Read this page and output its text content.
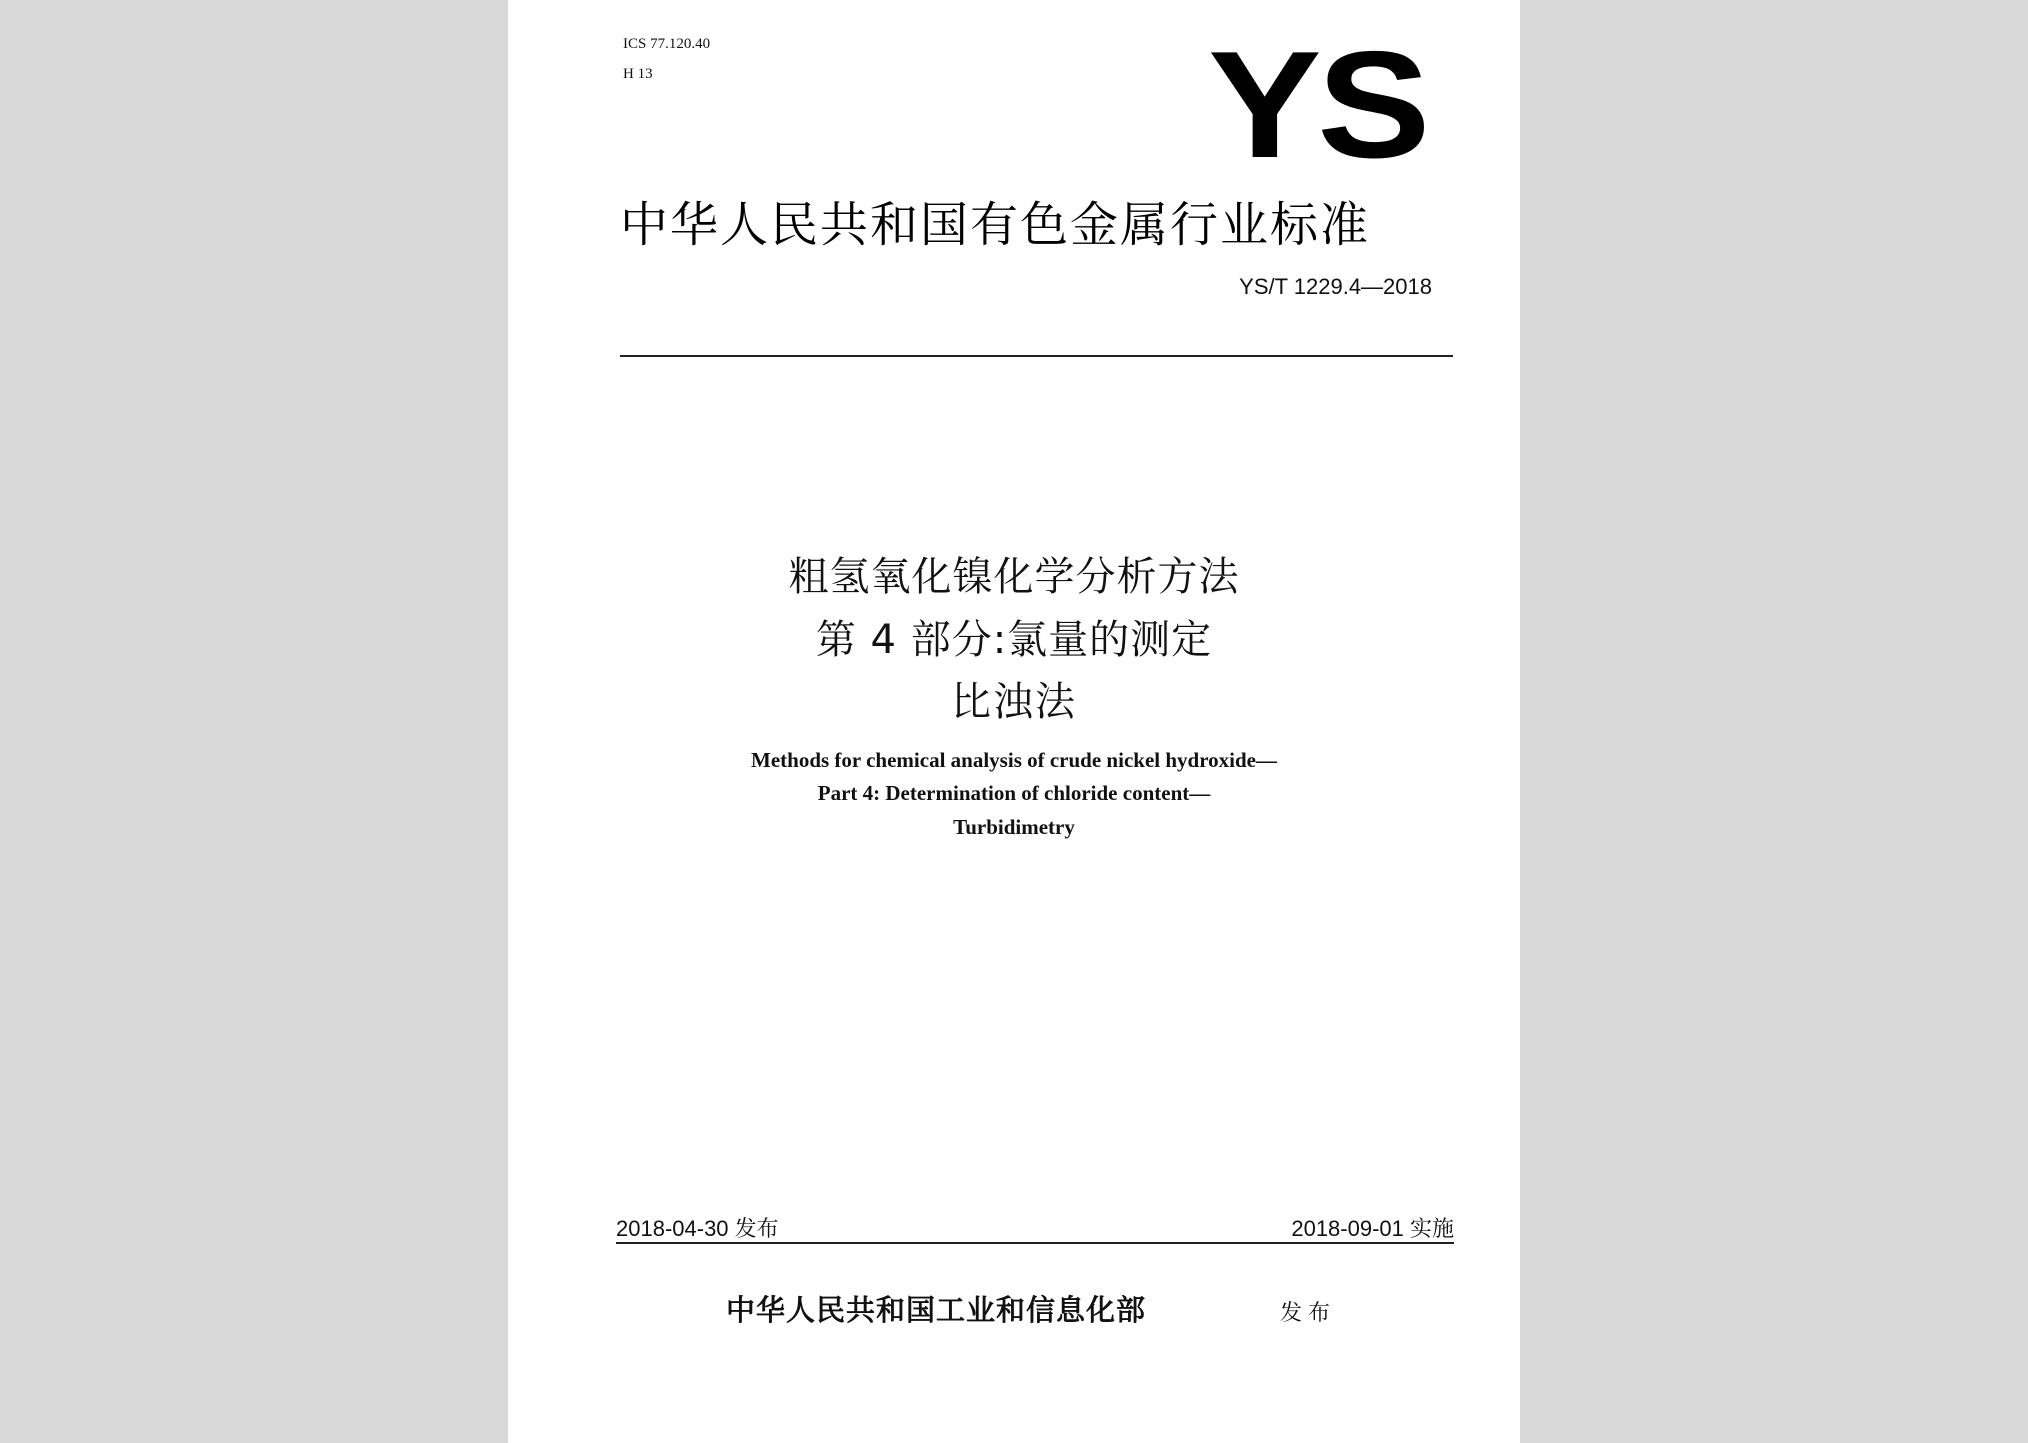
ICS 77.120.40
H 13	YS
中华人民共和国有色金属行业标准
YS/T 1229.4—2018
粗氢氧化镍化学分析方法
第 4 部分:氯量的测定
比浊法
Methods for chemical analysis of crude nickel hydroxide—
Part 4: Determination of chloride content—
Turbidimetry
2018-04-30 发布	2018-09-01 实施
中华人民共和国工业和信息化部	发布
